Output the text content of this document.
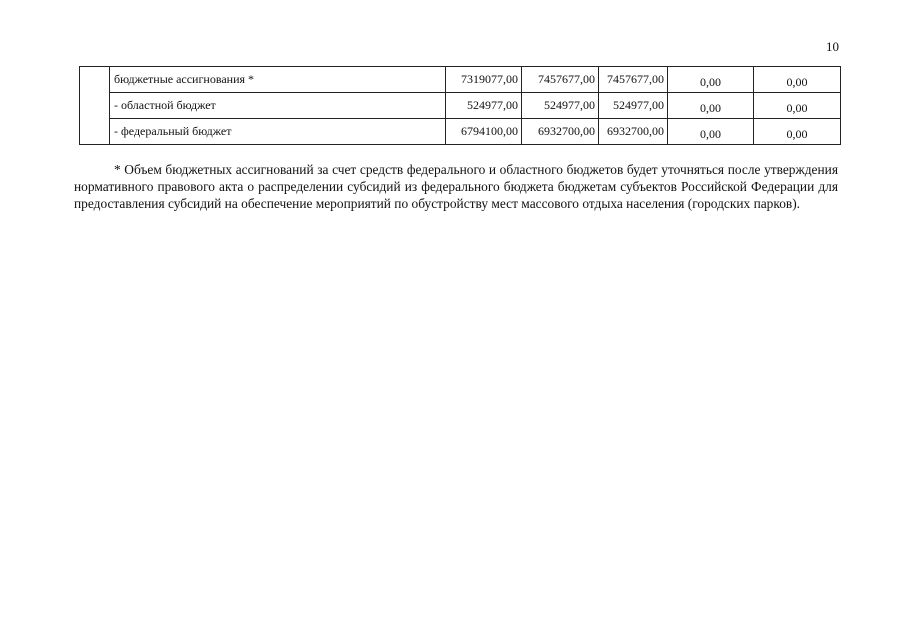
10
	бюджетные ассигнования *	7319077,00	7457677,00	7457677,00	0,00	0,00
	- областной бюджет	524977,00	524977,00	524977,00	0,00	0,00
	- федеральный бюджет	6794100,00	6932700,00	6932700,00	0,00	0,00

* Объем бюджетных ассигнований за счет средств федерального и областного бюджетов будет уточняться после утверждения нормативного правового акта о распределении субсидий из федерального бюджета бюджетам субъектов Российской Федерации для предоставления субсидий на обеспечение мероприятий по обустройству мест массового отдыха населения (городских парков).
